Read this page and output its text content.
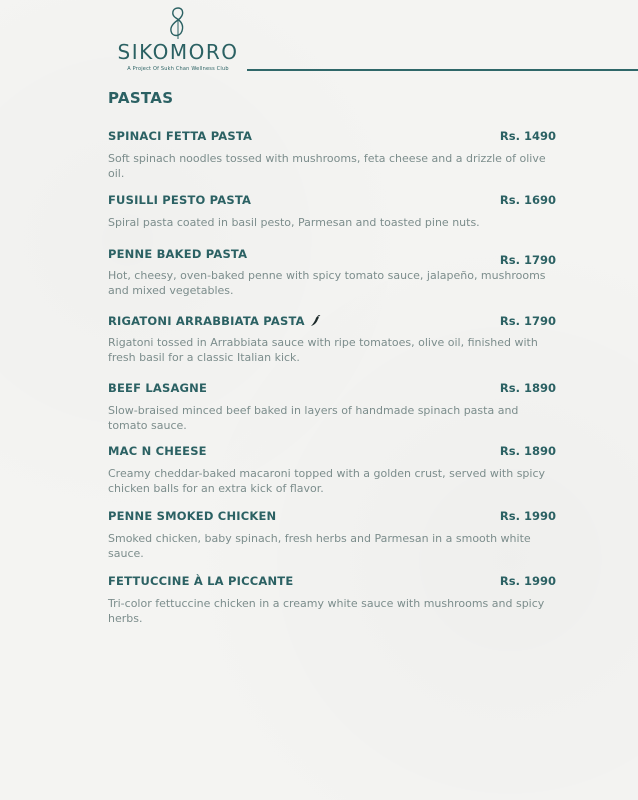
SIKOMORO
A Project Of Sukh Chan Wellness Club
PASTAS
SPINACI FETTA PASTA	Rs. 1490

Soft spinach noodles tossed with mushrooms, feta cheese and a drizzle of olive oil.

FUSILLI PESTO PASTA	Rs. 1690

Spiral pasta coated in basil pesto, Parmesan and toasted pine nuts.

PENNE BAKED PASTA	Rs. 1790

Hot, cheesy, oven-baked penne with spicy tomato sauce, jalapeño, mushrooms and mixed vegetables.

RIGATONI ARRABBIATA PASTA	Rs. 1790

Rigatoni tossed in Arrabbiata sauce with ripe tomatoes, olive oil, finished with fresh basil for a classic Italian kick.

BEEF LASAGNE	Rs. 1890

Slow-braised minced beef baked in layers of handmade spinach pasta and tomato sauce.

MAC N CHEESE	Rs. 1890

Creamy cheddar-baked macaroni topped with a golden crust, served with spicy chicken balls for an extra kick of flavor.

PENNE SMOKED CHICKEN	Rs. 1990

Smoked chicken, baby spinach, fresh herbs and Parmesan in a smooth white sauce.

FETTUCCINE À LA PICCANTE	Rs. 1990

Tri-color fettuccine chicken in a creamy white sauce with mushrooms and spicy herbs.
